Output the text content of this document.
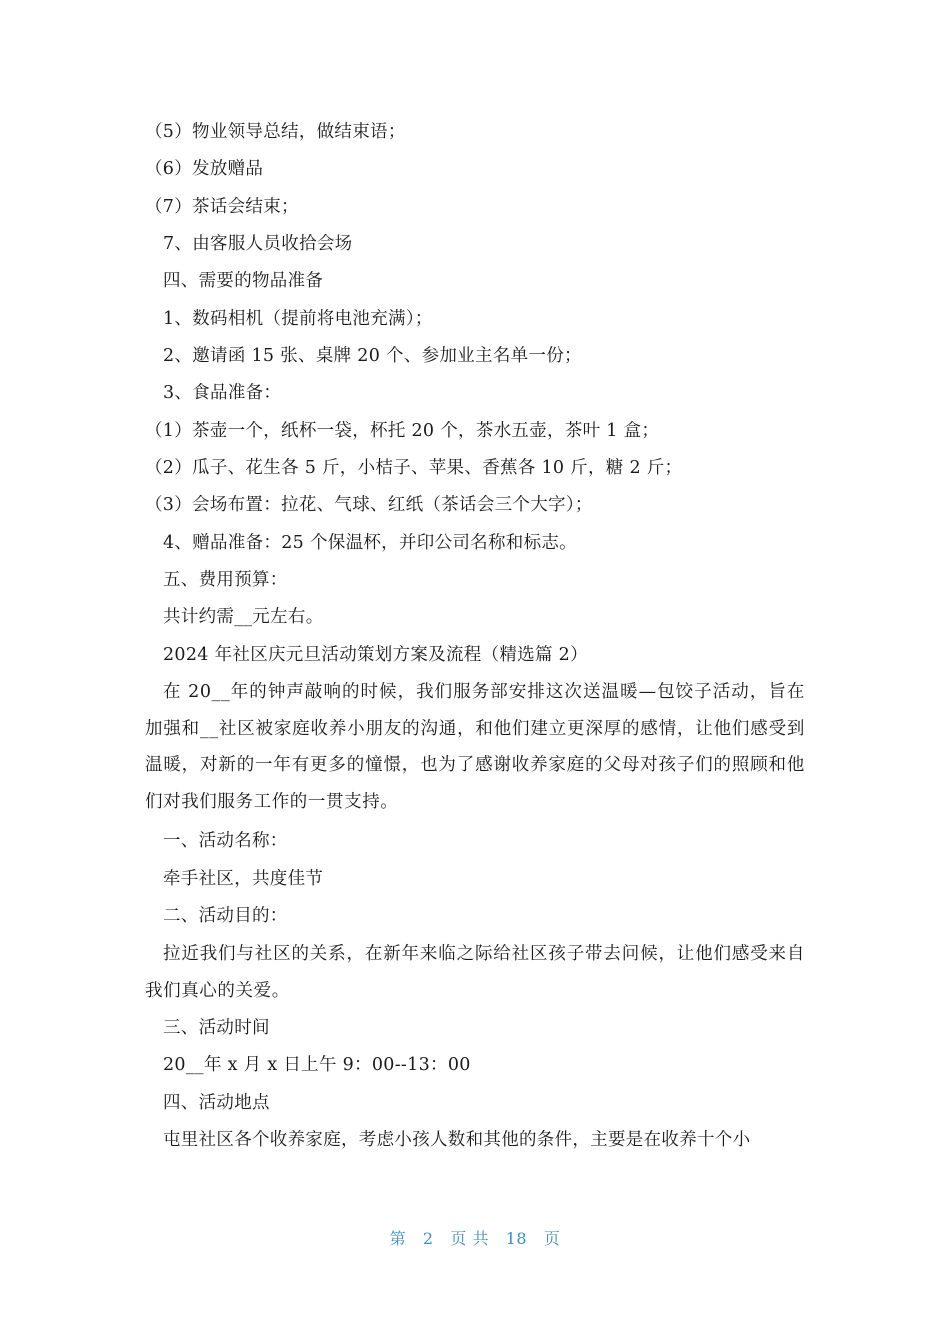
（5）物业领导总结，做结束语；
（6）发放赠品
（7）茶话会结束；
7、由客服人员收拾会场
四、需要的物品准备
1、数码相机（提前将电池充满）；
2、邀请函 15 张、桌牌 20 个、参加业主名单一份；
3、食品准备：
（1）茶壶一个，纸杯一袋，杯托 20 个，茶水五壶，茶叶 1 盒；
（2）瓜子、花生各 5 斤，小桔子、苹果、香蕉各 10 斤，糖 2 斤；
（3）会场布置：拉花、气球、红纸（茶话会三个大字）；
4、赠品准备：25 个保温杯，并印公司名称和标志。
五、费用预算：
共计约需__元左右。
2024 年社区庆元旦活动策划方案及流程（精选篇 2）
在 20__年的钟声敲响的时候，我们服务部安排这次送温暖—包饺子活动，旨在加强和__社区被家庭收养小朋友的沟通，和他们建立更深厚的感情，让他们感受到温暖，对新的一年有更多的憧憬，也为了感谢收养家庭的父母对孩子们的照顾和他们对我们服务工作的一贯支持。
一、活动名称：
牵手社区，共度佳节
二、活动目的：
拉近我们与社区的关系，在新年来临之际给社区孩子带去问候，让他们感受来自我们真心的关爱。
三、活动时间
20__年 x 月 x 日上午 9：00--13：00
四、活动地点
屯里社区各个收养家庭，考虑小孩人数和其他的条件，主要是在收养十个小
第 2 页 共 18 页
